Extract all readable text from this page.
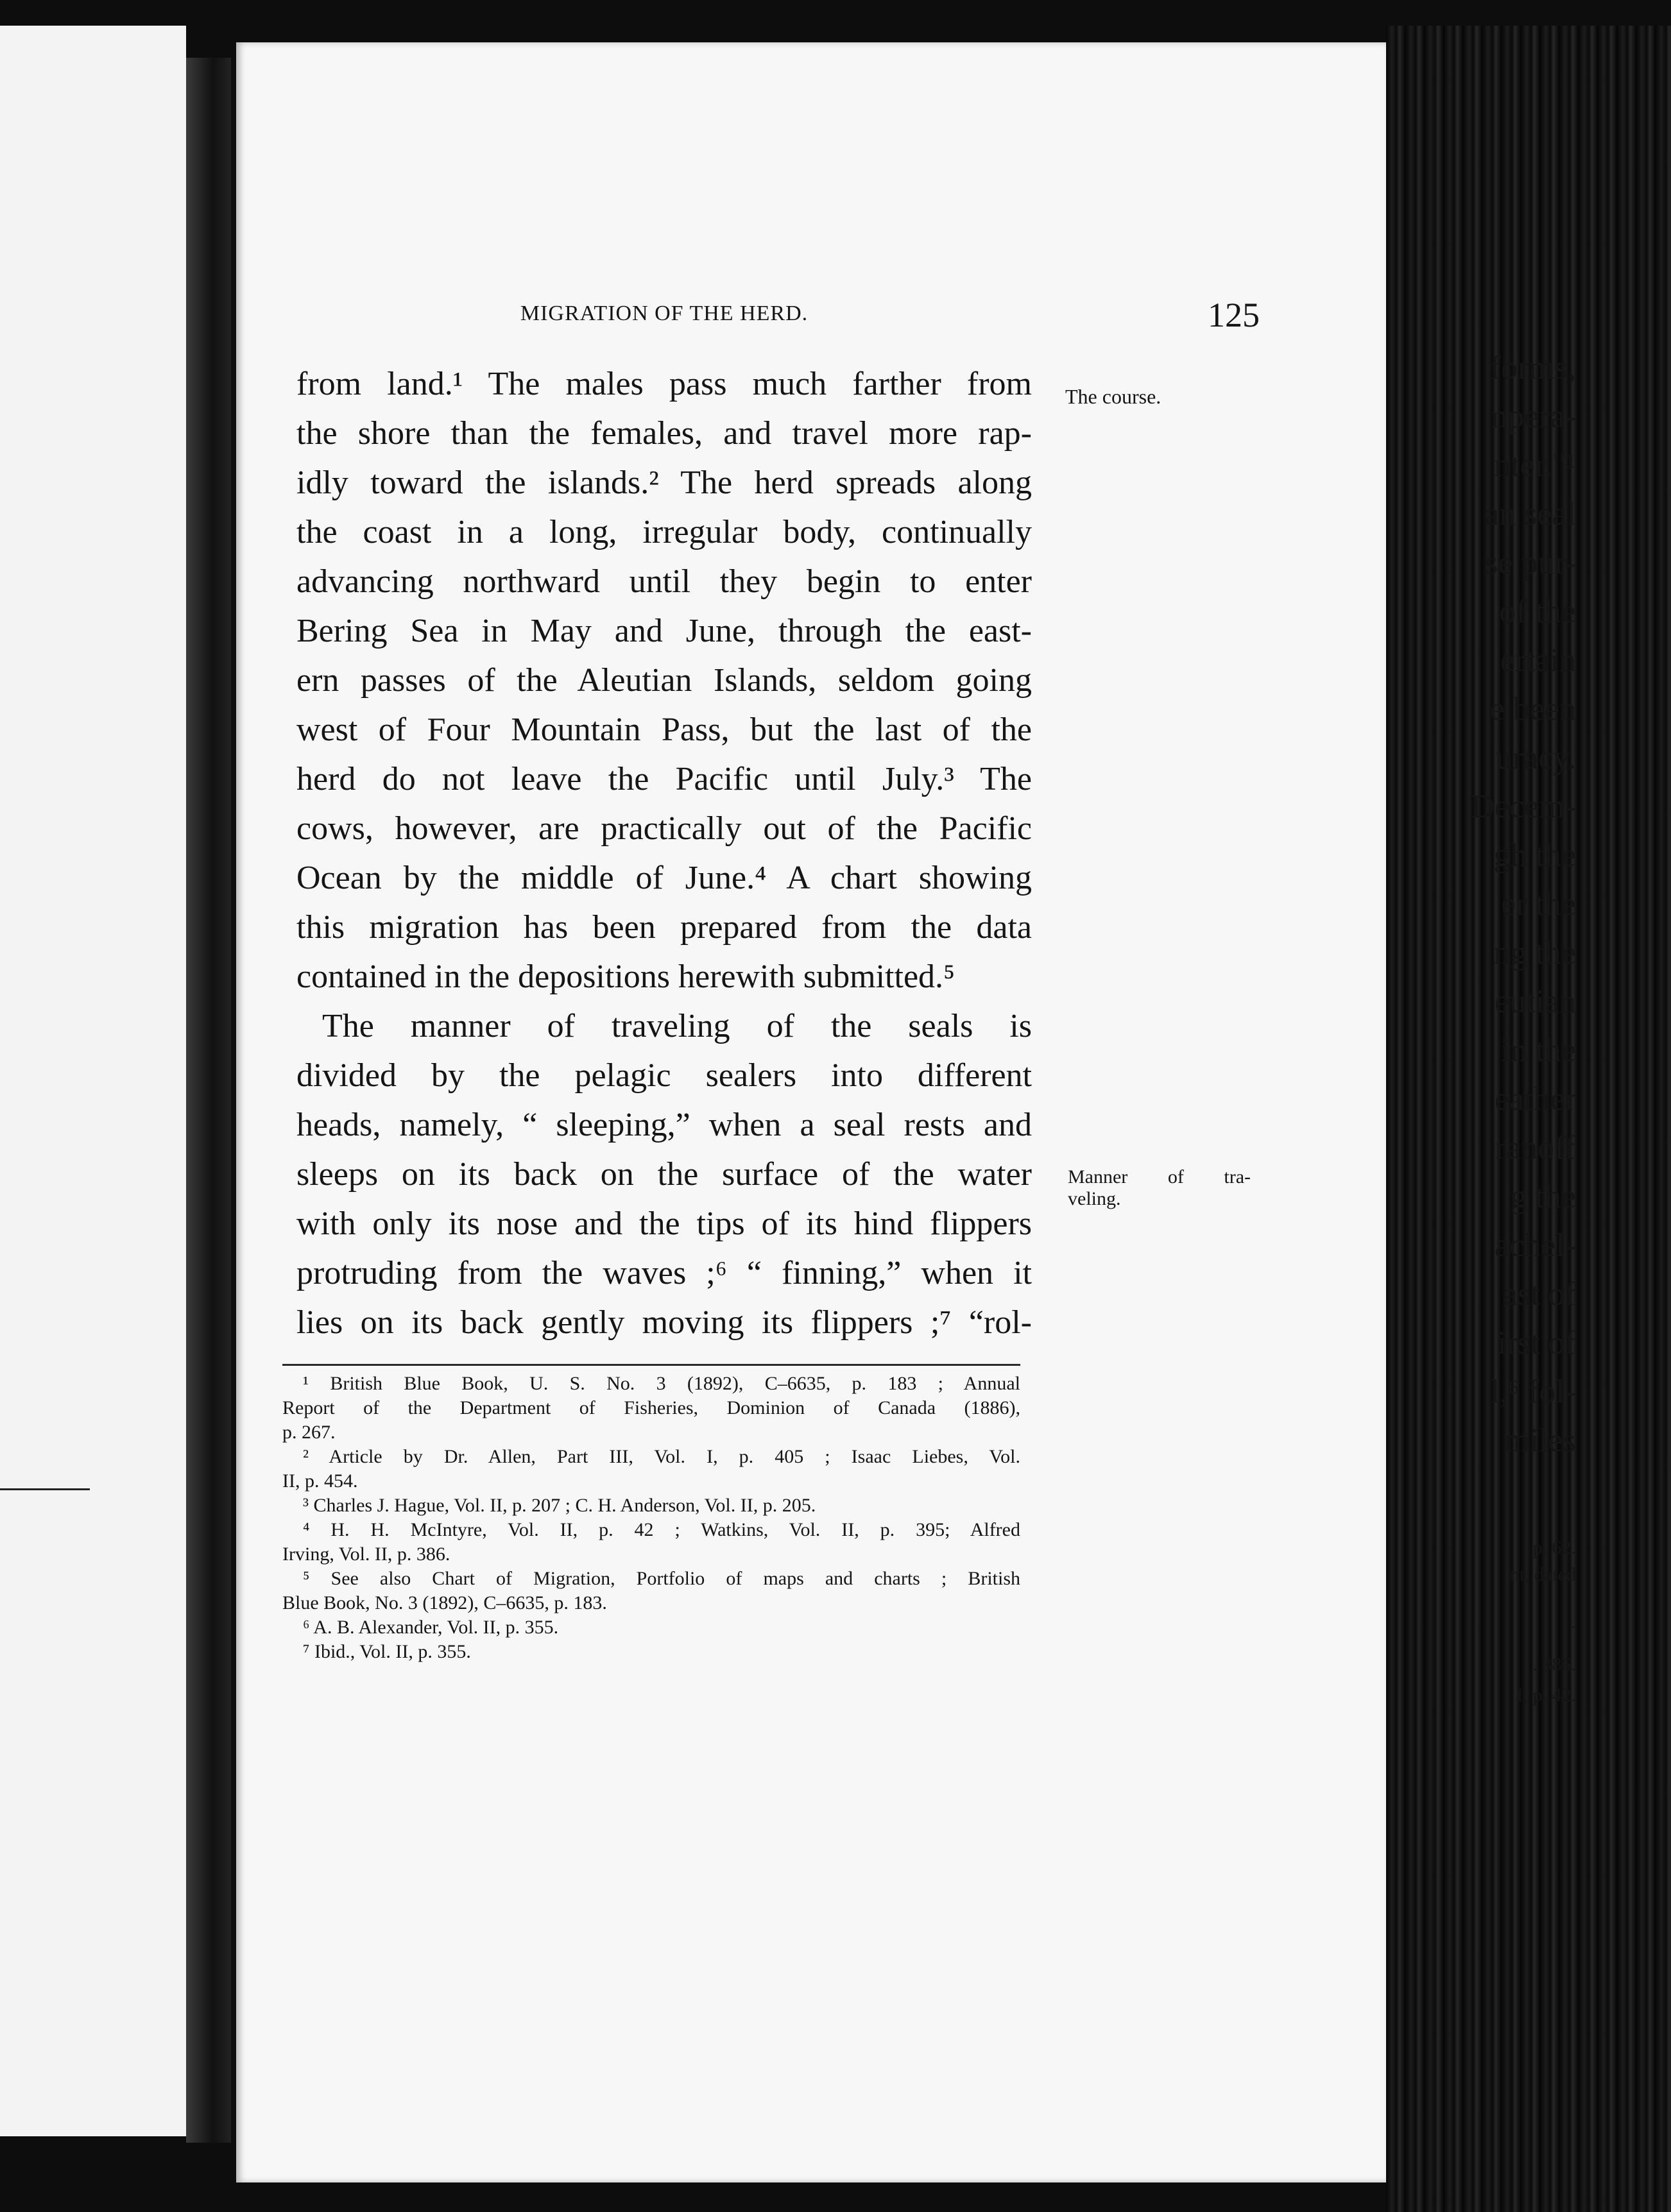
forms,
npera-
nter."¹
an seal
se pur-
of the
ertain
e been
uracy.
Decem-
gh the
er the
ng the
eutian
in the
eather
ranoff
g the
achel-
ast of
irst of
l,⁶ fol-
miles
p. 62.
nt, dated
.
. 386.
I, p. 42.
MIGRATION OF THE HERD.	125
The course.
Manner of tra-
veling.
from land.¹ The males pass much farther from
the shore than the females, and travel more rap-
idly toward the islands.² The herd spreads along
the coast in a long, irregular body, continually
advancing northward until they begin to enter
Bering Sea in May and June, through the east-
ern passes of the Aleutian Islands, seldom going
west of Four Mountain Pass, but the last of the
herd do not leave the Pacific until July.³ The
cows, however, are practically out of the Pacific
Ocean by the middle of June.⁴ A chart showing
this migration has been prepared from the data
contained in the depositions herewith submitted.⁵
The manner of traveling of the seals is
divided by the pelagic sealers into different
heads, namely, “ sleeping,” when a seal rests and
sleeps on its back on the surface of the water
with only its nose and the tips of its hind flippers
protruding from the waves ;⁶ “ finning,” when it
lies on its back gently moving its flippers ;⁷ “rol-
¹ British Blue Book, U. S. No. 3 (1892), C–6635, p. 183 ; Annual
Report of the Department of Fisheries, Dominion of Canada (1886),
p. 267.
² Article by Dr. Allen, Part III, Vol. I, p. 405 ; Isaac Liebes, Vol.
II, p. 454.
³ Charles J. Hague, Vol. II, p. 207 ; C. H. Anderson, Vol. II, p. 205.
⁴ H. H. McIntyre, Vol. II, p. 42 ; Watkins, Vol. II, p. 395; Alfred
Irving, Vol. II, p. 386.
⁵ See also Chart of Migration, Portfolio of maps and charts ; British
Blue Book, No. 3 (1892), C–6635, p. 183.
⁶ A. B. Alexander, Vol. II, p. 355.
⁷ Ibid., Vol. II, p. 355.
